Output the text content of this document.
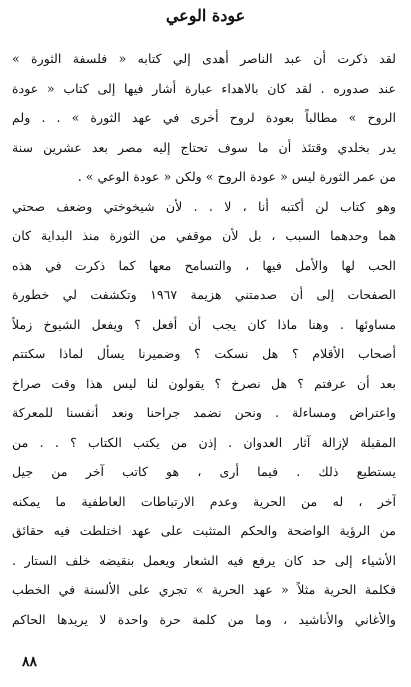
عودة الوعي
لقد ذكرت أن عبد الناصر أهدى إلي كتابه « فلسفة الثورة »
عند صدوره . لقد كان بالاهداء عبارة أشار فيها إلى كتاب « عودة
الروح » مطالباً بعودة لروح أخرى في عهد الثورة » . . ولم
يدر بخلدي وقتئذ أن ما سوف تحتاج إليه مصر بعد عشرين سنة
من عمر الثورة ليس « عودة الروح » ولكن « عودة الوعي » .
وهو كتاب لن أكتبه أنا ، لا . . لأن شيخوختي وضعف صحتي
هما وحدهما السبب ، بل لأن موقفي من الثورة منذ البداية كان
الحب لها والأمل فيها ، والتسامح معها كما ذكرت في هذه
الصفحات إلى أن صدمتني هزيمة ١٩٦٧ وتكشفت لي خطورة
مساوئها . وهنا ماذا كان يجب أن أفعل ؟ ويفعل الشيوخ زملاً
أصحاب الأقلام ؟ هل نسكت ؟ وضميرنا يسأل لماذا سكتتم
بعد أن عرفتم ؟ هل نصرخ ؟ يقولون لنا ليس هذا وقت صراخ
واعتراض ومساءلة . ونحن نضمد جراحنا ونعد أنفسنا للمعركة
المقبلة لإزالة آثار العدوان . إذن من يكتب الكتاب ؟ . . من
يستطيع ذلك . فيما أرى ، هو كاتب آخر من جيل
آخر ، له من الحرية وعدم الارتباطات العاطفية ما يمكنه
من الرؤية الواضحة والحكم المتثبت على عهد اختلطت فيه حقائق
الأشياء إلى حد كان يرفع فيه الشعار ويعمل بنقيضه خلف الستار .
فكلمة الحرية مثلاً « عهد الحرية » تجري على الألسنة في الخطب
والأغاني والأناشيد ، وما من كلمة حرة واحدة لا يريدها الحاكم
٨٨
